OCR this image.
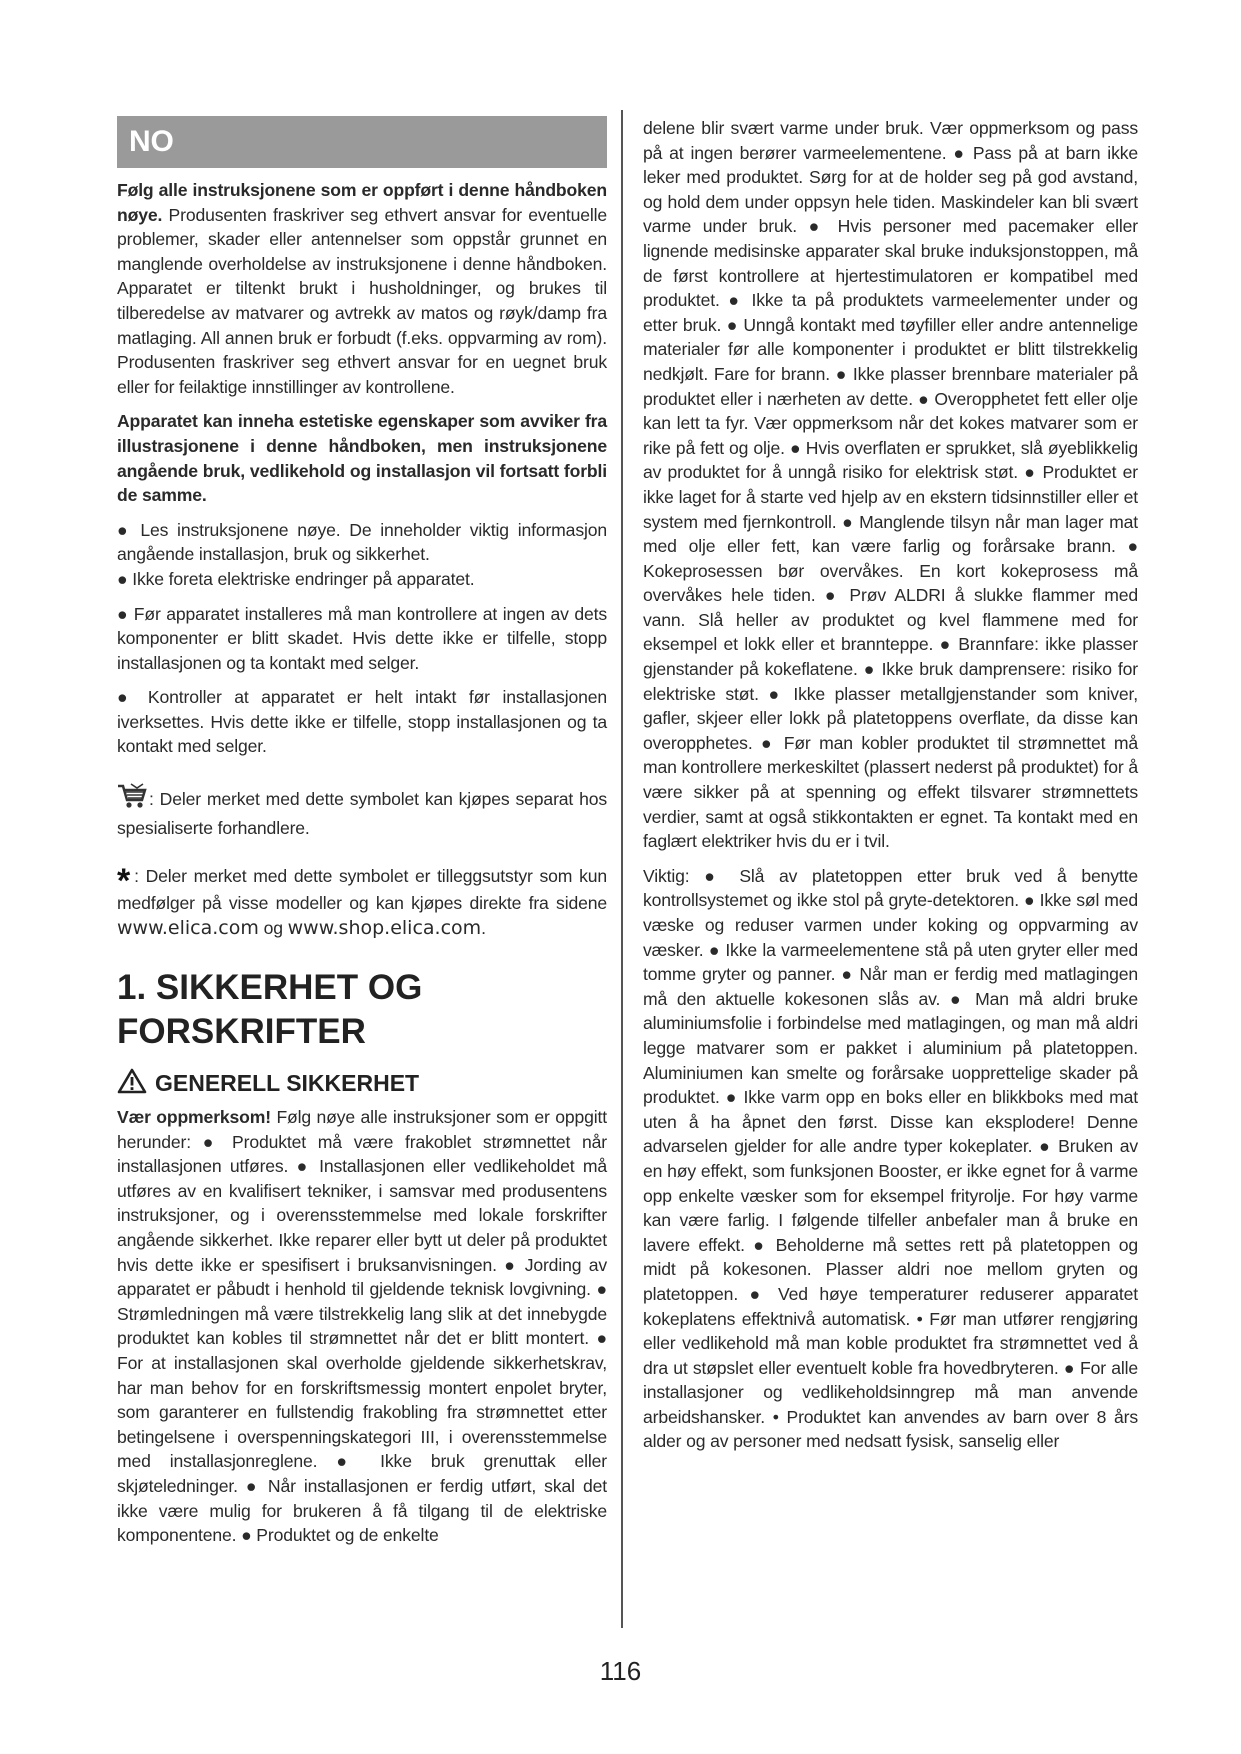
NO

Følg alle instruksjonene som er oppført i denne håndboken nøye. Produsenten fraskriver seg ethvert ansvar for eventuelle problemer, skader eller antennelser som oppstår grunnet en manglende overholdelse av instruksjonene i denne håndboken. Apparatet er tiltenkt brukt i husholdninger, og brukes til tilberedelse av matvarer og avtrekk av matos og røyk/damp fra matlaging. All annen bruk er forbudt (f.eks. oppvarming av rom). Produsenten fraskriver seg ethvert ansvar for en uegnet bruk eller for feilaktige innstillinger av kontrollene.

Apparatet kan inneha estetiske egenskaper som avviker fra illustrasjonene i denne håndboken, men instruksjonene angående bruk, vedlikehold og installasjon vil fortsatt forbli de samme.

● Les instruksjonene nøye. De inneholder viktig informasjon angående installasjon, bruk og sikkerhet.

● Ikke foreta elektriske endringer på apparatet.

● Før apparatet installeres må man kontrollere at ingen av dets komponenter er blitt skadet. Hvis dette ikke er tilfelle, stopp installasjonen og ta kontakt med selger.

● Kontroller at apparatet er helt intakt før installasjonen iverksettes. Hvis dette ikke er tilfelle, stopp installasjonen og ta kontakt med selger.

: Deler merket med dette symbolet kan kjøpes separat hos spesialiserte forhandlere.

* : Deler merket med dette symbolet er tilleggsutstyr som kun medfølger på visse modeller og kan kjøpes direkte fra sidene www.elica.com og www.shop.elica.com.

1. SIKKERHET OG FORSKRIFTER

GENERELL SIKKERHET

Vær oppmerksom! Følg nøye alle instruksjoner som er oppgitt herunder: ● Produktet må være frakoblet strømnettet når installasjonen utføres. ● Installasjonen eller vedlikeholdet må utføres av en kvalifisert tekniker, i samsvar med produsentens instruksjoner, og i overensstemmelse med lokale forskrifter angående sikkerhet. Ikke reparer eller bytt ut deler på produktet hvis dette ikke er spesifisert i bruksanvisningen. ● Jording av apparatet er påbudt i henhold til gjeldende teknisk lovgivning. ● Strømledningen må være tilstrekkelig lang slik at det innebygde produktet kan kobles til strømnettet når det er blitt montert. ● For at installasjonen skal overholde gjeldende sikkerhetskrav, har man behov for en forskriftsmessig montert enpolet bryter, som garanterer en fullstendig frakobling fra strømnettet etter betingelsene i overspenningskategori III, i overensstemmelse med installasjonreglene. ● Ikke bruk grenuttak eller skjøteledninger. ● Når installasjonen er ferdig utført, skal det ikke være mulig for brukeren å få tilgang til de elektriske komponentene. ● Produktet og de enkelte

delene blir svært varme under bruk. Vær oppmerksom og pass på at ingen berører varmeelementene. ● Pass på at barn ikke leker med produktet. Sørg for at de holder seg på god avstand, og hold dem under oppsyn hele tiden. Maskindeler kan bli svært varme under bruk. ● Hvis personer med pacemaker eller lignende medisinske apparater skal bruke induksjonstoppen, må de først kontrollere at hjertestimulatoren er kompatibel med produktet. ● Ikke ta på produktets varmeelementer under og etter bruk. ● Unngå kontakt med tøyfiller eller andre antennelige materialer før alle komponenter i produktet er blitt tilstrekkelig nedkjølt. Fare for brann. ● Ikke plasser brennbare materialer på produktet eller i nærheten av dette. ● Overopphetet fett eller olje kan lett ta fyr. Vær oppmerksom når det kokes matvarer som er rike på fett og olje. ● Hvis overflaten er sprukket, slå øyeblikkelig av produktet for å unngå risiko for elektrisk støt. ● Produktet er ikke laget for å starte ved hjelp av en ekstern tidsinnstiller eller et system med fjernkontroll. ● Manglende tilsyn når man lager mat med olje eller fett, kan være farlig og forårsake brann. ● Kokeprosessen bør overvåkes. En kort kokeprosess må overvåkes hele tiden. ● Prøv ALDRI å slukke flammer med vann. Slå heller av produktet og kvel flammene med for eksempel et lokk eller et brannteppe. ● Brannfare: ikke plasser gjenstander på kokeflatene. ● Ikke bruk damprensere: risiko for elektriske støt. ● Ikke plasser metallgjenstander som kniver, gafler, skjeer eller lokk på platetoppens overflate, da disse kan overopphetes. ● Før man kobler produktet til strømnettet må man kontrollere merkeskiltet (plassert nederst på produktet) for å være sikker på at spenning og effekt tilsvarer strømnettets verdier, samt at også stikkontakten er egnet. Ta kontakt med en faglært elektriker hvis du er i tvil.

Viktig: ● Slå av platetoppen etter bruk ved å benytte kontrollsystemet og ikke stol på gryte-detektoren. ● Ikke søl med væske og reduser varmen under koking og oppvarming av væsker. ● Ikke la varmeelementene stå på uten gryter eller med tomme gryter og panner. ● Når man er ferdig med matlagingen må den aktuelle kokesonen slås av. ● Man må aldri bruke aluminiumsfolie i forbindelse med matlagingen, og man må aldri legge matvarer som er pakket i aluminium på platetoppen. Aluminiumen kan smelte og forårsake uopprettelige skader på produktet. ● Ikke varm opp en boks eller en blikkboks med mat uten å ha åpnet den først. Disse kan eksplodere! Denne advarselen gjelder for alle andre typer kokeplater. ● Bruken av en høy effekt, som funksjonen Booster, er ikke egnet for å varme opp enkelte væsker som for eksempel frityrolje. For høy varme kan være farlig. I følgende tilfeller anbefaler man å bruke en lavere effekt. ● Beholderne må settes rett på platetoppen og midt på kokesonen. Plasser aldri noe mellom gryten og platetoppen. ● Ved høye temperaturer reduserer apparatet kokeplatens effektnivå automatisk. • Før man utfører rengjøring eller vedlikehold må man koble produktet fra strømnettet ved å dra ut støpslet eller eventuelt koble fra hovedbryteren. ● For alle installasjoner og vedlikeholdsinngrep må man anvende arbeidshansker. • Produktet kan anvendes av barn over 8 års alder og av personer med nedsatt fysisk, sanselig eller

116
